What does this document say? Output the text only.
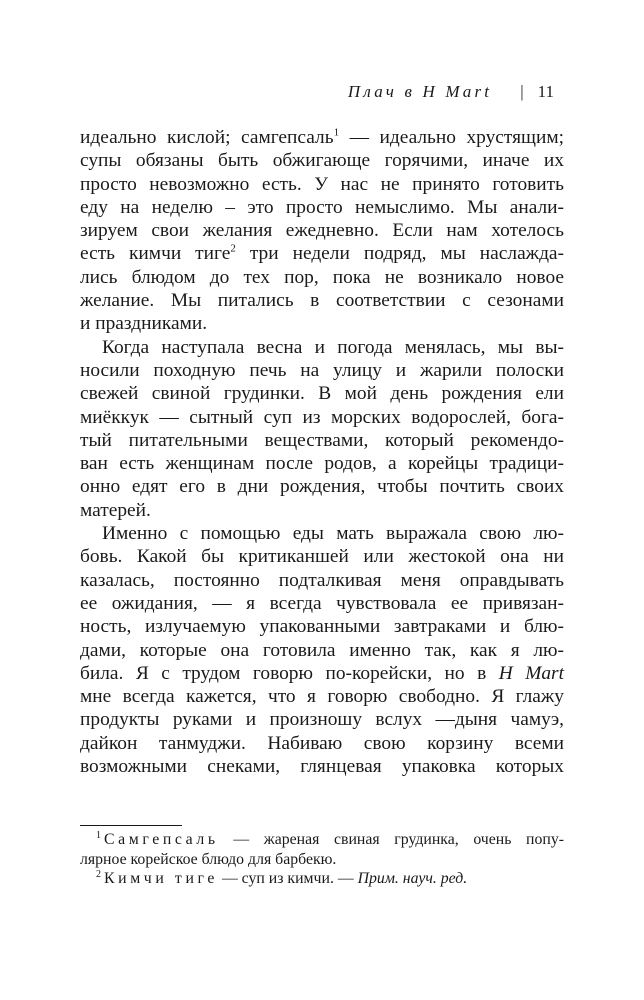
Плач в H Mart | 11
идеально кислой; самгепсаль$^1$ — идеально хрустящим;
супы обязаны быть обжигающе горячими, иначе их
просто невозможно есть. У нас не принято готовить
еду на неделю – это просто немыслимо. Мы анали-
зируем свои желания ежедневно. Если нам хотелось
есть кимчи тиге$^2$ три недели подряд, мы наслаждa-
лись блюдом до тех пор, пока не возникало новое
желание. Мы питались в соответствии с сезонами
и праздниками.
Когда наступала весна и погода менялась, мы вы-
носили походную печь на улицу и жарили полоски
свежей свиной грудинки. В мой день рождения ели
миёккук — сытный суп из морских водорослей, бога-
тый питательными веществами, который рекомендо-
ван есть женщинам после родов, а корейцы традици-
онно едят его в дни рождения, чтобы почтить своих
матерей.
Именно с помощью еды мать выражала свою лю-
бовь. Какой бы критиканшей или жестокой она ни
казалась, постоянно подталкивая меня оправдывать
ее ожидания, — я всегда чувствовала ее привязан-
ность, излучаемую упакованными завтраками и блю-
дами, которые она готовила именно так, как я лю-
била. Я с трудом говорю по-корейски, но в H Mart
мне всегда кажется, что я говорю свободно. Я глажу
продукты руками и произношу вслух —дыня чамуэ,
дайкон танмуджи. Набиваю свою корзину всеми
возможными снеками, глянцевая упаковка которых
$^1$ Самгепсаль — жареная свиная грудинка, очень попу-
лярное корейское блюдо для барбекю.
$^2$ Кимчи тиге — суп из кимчи. — Прим. науч. ред.
